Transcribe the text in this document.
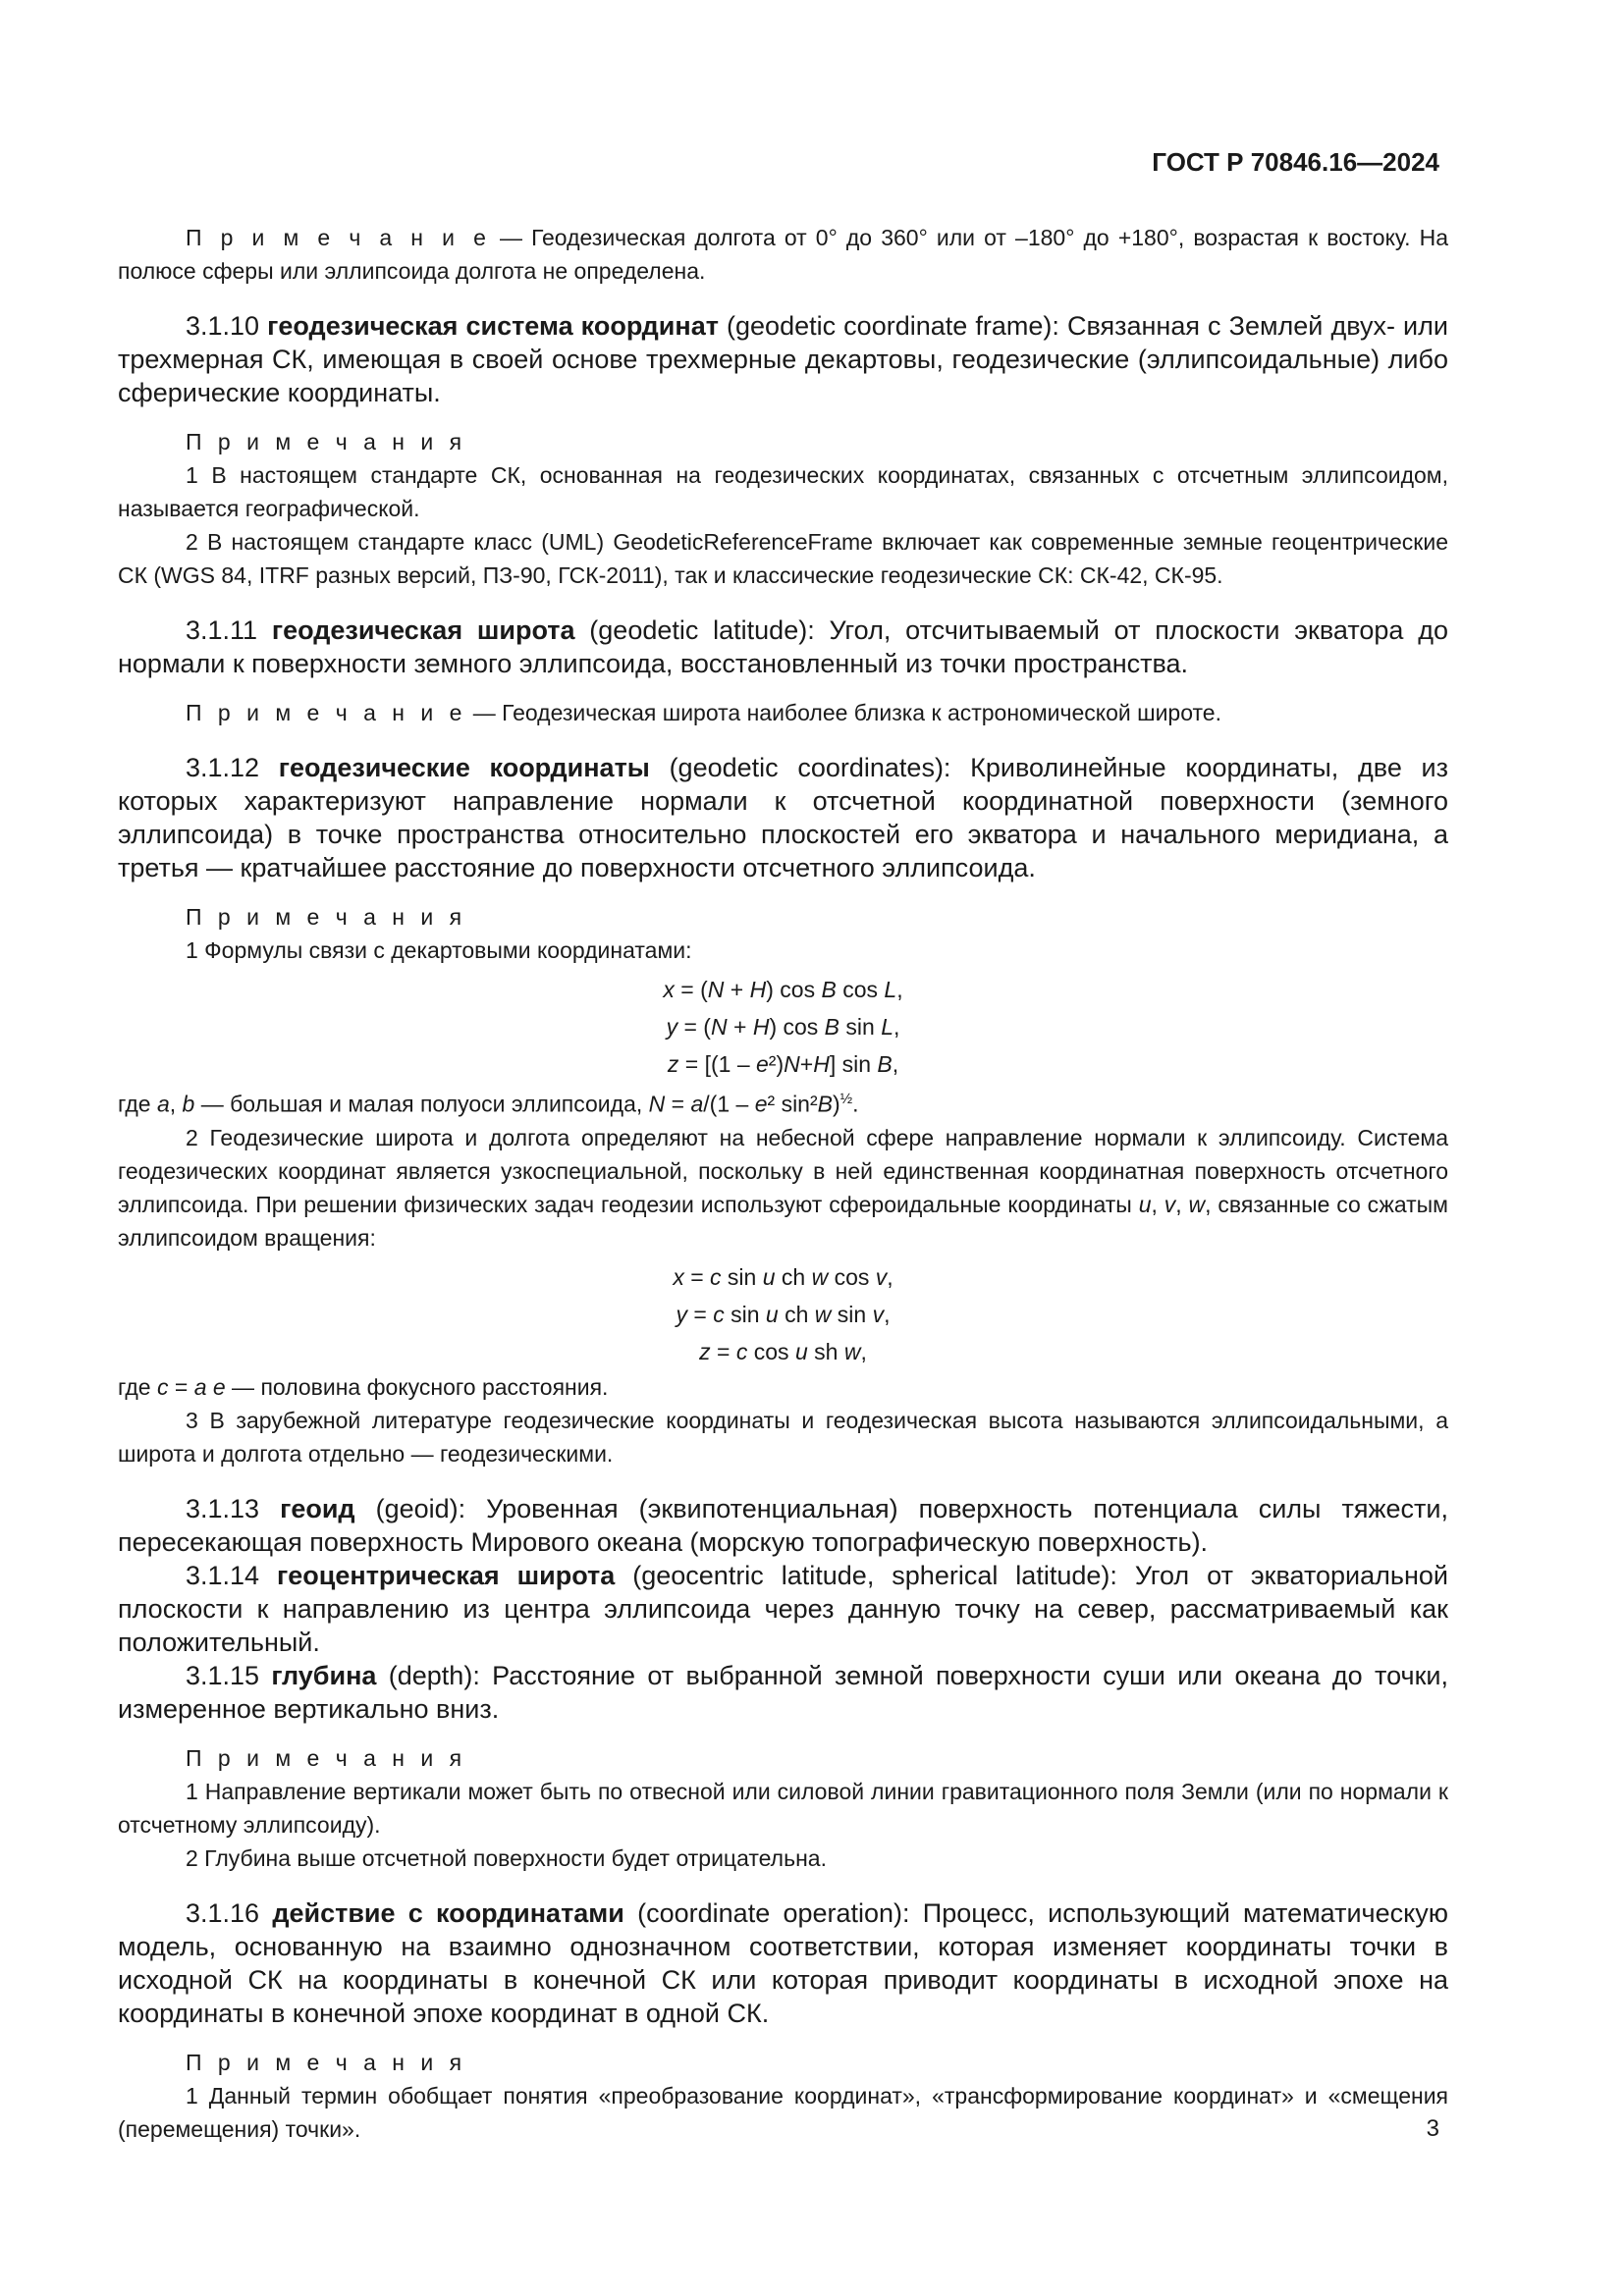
ГОСТ Р 70846.16—2024

П р и м е ч а н и е — Геодезическая долгота от 0° до 360° или от –180° до +180°, возрастая к востоку. На полюсе сферы или эллипсоида долгота не определена.

3.1.10 геодезическая система координат (geodetic coordinate frame): Связанная с Землей двух- или трехмерная СК, имеющая в своей основе трехмерные декартовы, геодезические (эллипсоидальные) либо сферические координаты.

П р и м е ч а н и я

1 В настоящем стандарте СК, основанная на геодезических координатах, связанных с отсчетным эллипсоидом, называется географической.

2 В настоящем стандарте класс (UML) GeodeticReferenceFrame включает как современные земные геоцентрические СК (WGS 84, ITRF разных версий, ПЗ-90, ГСК-2011), так и классические геодезические СК: СК-42, СК-95.

3.1.11 геодезическая широта (geodetic latitude): Угол, отсчитываемый от плоскости экватора до нормали к поверхности земного эллипсоида, восстановленный из точки пространства.

П р и м е ч а н и е — Геодезическая широта наиболее близка к астрономической широте.

3.1.12 геодезические координаты (geodetic coordinates): Криволинейные координаты, две из которых характеризуют направление нормали к отсчетной координатной поверхности (земного эллипсоида) в точке пространства относительно плоскостей его экватора и начального меридиана, а третья — кратчайшее расстояние до поверхности отсчетного эллипсоида.

П р и м е ч а н и я

1 Формулы связи с декартовыми координатами:

x = (N + H) cos B cos L,
y = (N + H) cos B sin L,
z = [(1 – e²)N+H] sin B,

где a, b — большая и малая полуоси эллипсоида, N = a/(1 – e² sin²B)$^{\frac{1}{2}}$.

2 Геодезические широта и долгота определяют на небесной сфере направление нормали к эллипсоиду. Система геодезических координат является узкоспециальной, поскольку в ней единственная координатная поверхность отсчетного эллипсоида. При решении физических задач геодезии используют сфероидальные координаты u, v, w, связанные со сжатым эллипсоидом вращения:

x = c sin u ch w cos v,
y = c sin u ch w sin v,
z = c cos u sh w,

где c = a e — половина фокусного расстояния.

3 В зарубежной литературе геодезические координаты и геодезическая высота называются эллипсоидальными, а широта и долгота отдельно — геодезическими.

3.1.13 геоид (geoid): Уровенная (эквипотенциальная) поверхность потенциала силы тяжести, пересекающая поверхность Мирового океана (морскую топографическую поверхность).

3.1.14 геоцентрическая широта (geocentric latitude, spherical latitude): Угол от экваториальной плоскости к направлению из центра эллипсоида через данную точку на север, рассматриваемый как положительный.

3.1.15 глубина (depth): Расстояние от выбранной земной поверхности суши или океана до точки, измеренное вертикально вниз.

П р и м е ч а н и я

1 Направление вертикали может быть по отвесной или силовой линии гравитационного поля Земли (или по нормали к отсчетному эллипсоиду).

2 Глубина выше отсчетной поверхности будет отрицательна.

3.1.16 действие с координатами (coordinate operation): Процесс, использующий математическую модель, основанную на взаимно однозначном соответствии, которая изменяет координаты точки в исходной СК на координаты в конечной СК или которая приводит координаты в исходной эпохе на координаты в конечной эпохе координат в одной СК.

П р и м е ч а н и я

1 Данный термин обобщает понятия «преобразование координат», «трансформирование координат» и «смещения (перемещения) точки».	3
